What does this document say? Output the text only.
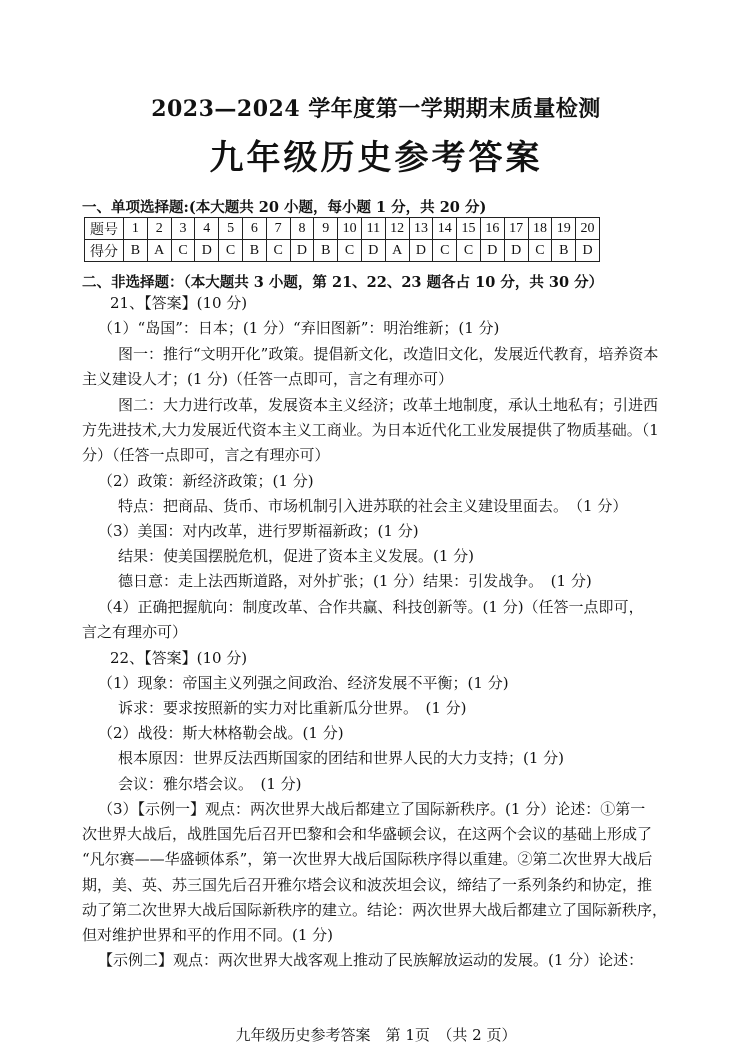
2023—2024 学年度第一学期期末质量检测
九年级历史参考答案
一、单项选择题:(本大题共 20 小题，每小题 1 分，共 20 分)
题号	1	2	3	4	5	6	7	8	9	10	11	12	13	14	15	16	17	18	19	20
得分	B	A	C	D	C	B	C	D	B	C	D	A	D	C	C	D	D	C	B	D
二、非选择题：（本大题共 3 小题，第 21、22、23 题各占 10 分，共 30 分）
21、【答案】(10 分)
（1）“岛国”：日本；(1 分）“弃旧图新”：明治维新；(1 分)
图一：推行“文明开化”政策。提倡新文化，改造旧文化，发展近代教育，培养资本
主义建设人才；(1 分)（任答一点即可，言之有理亦可）
图二：大力进行改革，发展资本主义经济；改革土地制度，承认土地私有；引进西
方先进技术,大力发展近代资本主义工商业。为日本近代化工业发展提供了物质基础。（1
分）（任答一点即可，言之有理亦可）
（2）政策：新经济政策；(1 分)
特点：把商品、货币、市场机制引入进苏联的社会主义建设里面去。　（1 分）
（3）美国：对内改革，进行罗斯福新政；(1 分)
结果：使美国摆脱危机，促进了资本主义发展。(1 分)
德日意：走上法西斯道路，对外扩张；(1 分）结果：引发战争。　(1 分)
（4）正确把握航向：制度改革、合作共赢、科技创新等。(1 分)（任答一点即可，
言之有理亦可）
22、【答案】(10 分)
（1）现象：帝国主义列强之间政治、经济发展不平衡；(1 分)
诉求：要求按照新的实力对比重新瓜分世界。　(1 分)
（2）战役：斯大林格勒会战。(1 分)
根本原因：世界反法西斯国家的团结和世界人民的大力支持；(1 分)
会议：雅尔塔会议。　(1 分)
（3）【示例一】观点：两次世界大战后都建立了国际新秩序。(1 分）论述：①第一
次世界大战后，战胜国先后召开巴黎和会和华盛顿会议，在这两个会议的基础上形成了
“凡尔赛——华盛顿体系”，第一次世界大战后国际秩序得以重建。②第二次世界大战后
期，美、英、苏三国先后召开雅尔塔会议和波茨坦会议，缔结了一系列条约和协定，推
动了第二次世界大战后国际新秩序的建立。结论：两次世界大战后都建立了国际新秩序，
但对维护世界和平的作用不同。(1 分)
【示例二】观点：两次世界大战客观上推动了民族解放运动的发展。(1 分）论述：
九年级历史参考答案　第 1页　（共 2 页）
